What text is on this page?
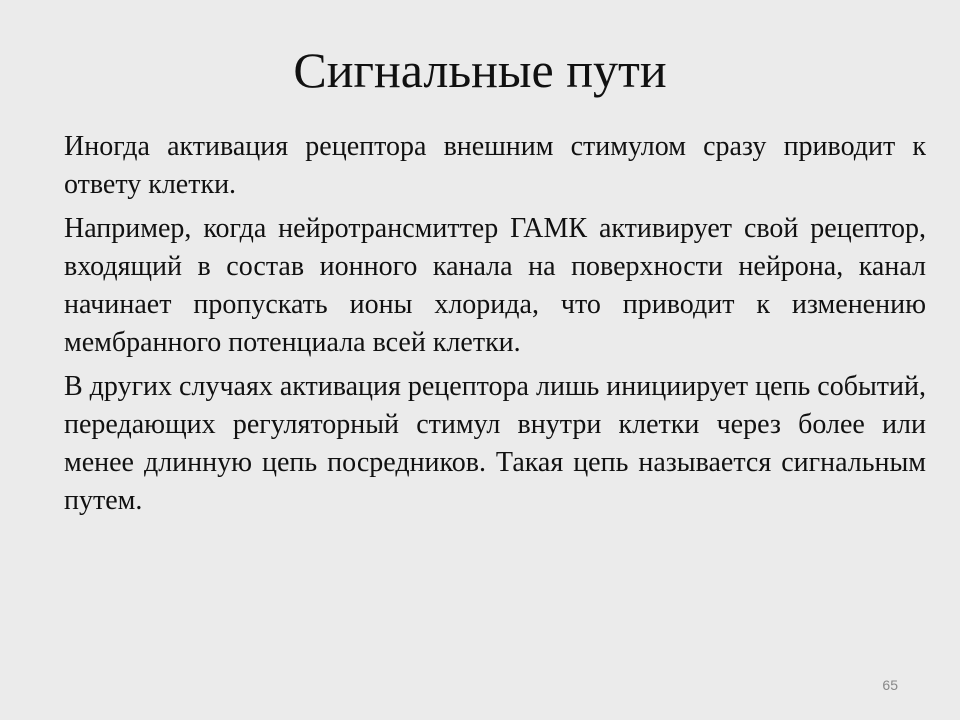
Сигнальные пути

Иногда активация рецептора внешним стимулом сразу приводит к ответу клетки.

Например, когда нейротрансмиттер ГАМК активирует свой рецептор, входящий в состав ионного канала на поверхности нейрона, канал начинает пропускать ионы хлорида, что приводит к изменению мембранного потенциала всей клетки.

В других случаях активация рецептора лишь инициирует цепь событий, передающих регуляторный стимул внутри клетки через более или менее длинную цепь посредников. Такая цепь называется сигнальным путем.

65
